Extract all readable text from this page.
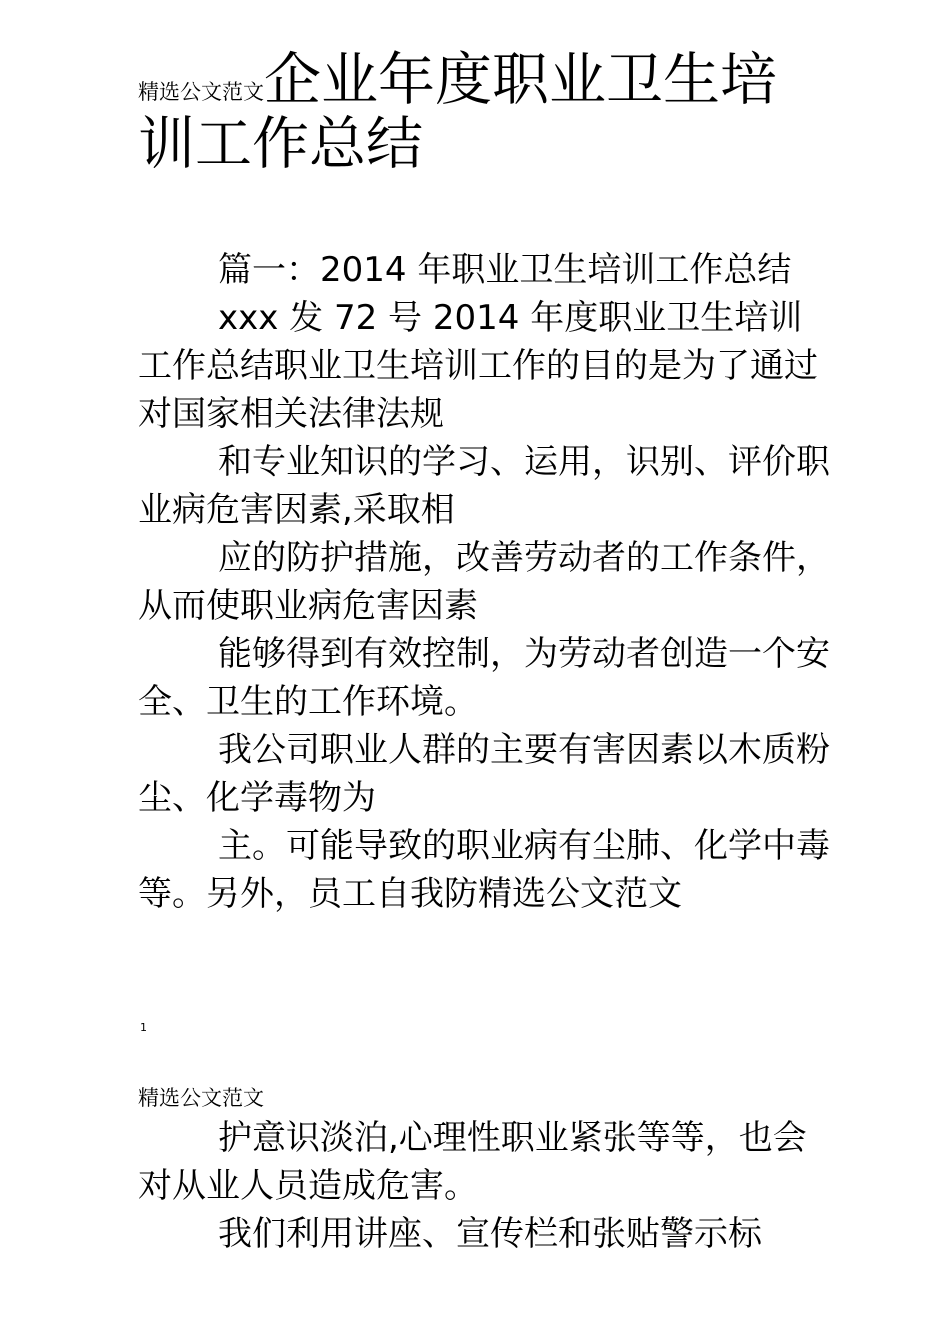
精选公文范文企业年度职业卫生培训工作总结

篇一：2014 年职业卫生培训工作总结

xxx 发 72 号 2014 年度职业卫生培训工作总结职业卫生培训工作的目的是为了通过对国家相关法律法规

和专业知识的学习、运用，识别、评价职业病危害因素,采取相

应的防护措施，改善劳动者的工作条件，从而使职业病危害因素

能够得到有效控制，为劳动者创造一个安全、卫生的工作环境。

我公司职业人群的主要有害因素以木质粉尘、化学毒物为

主。可能导致的职业病有尘肺、化学中毒等。另外，员工自我防精选公文范文

1
精选公文范文

护意识淡泊,心理性职业紧张等等，也会对从业人员造成危害。

我们利用讲座、宣传栏和张贴警示标
